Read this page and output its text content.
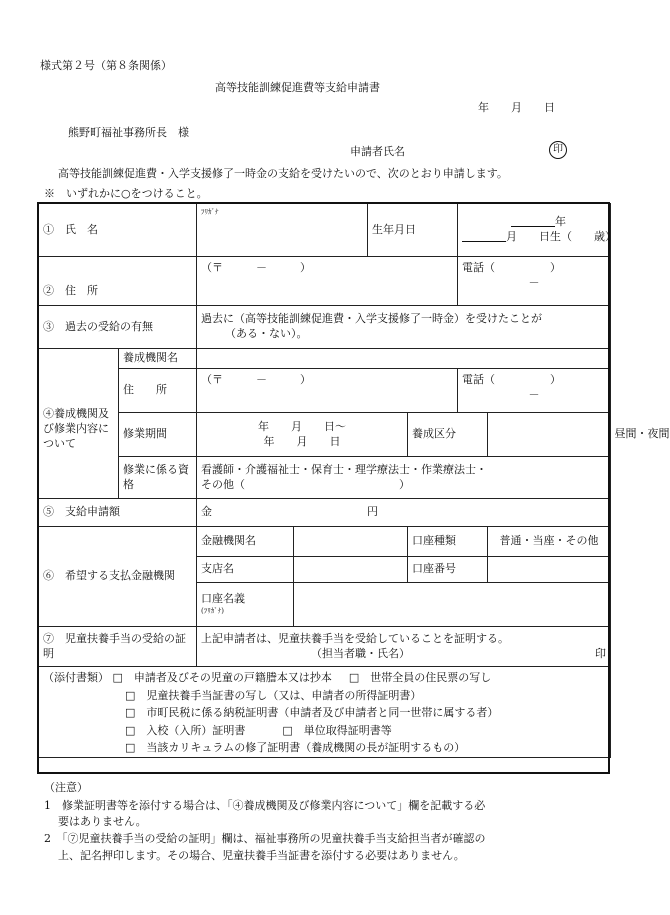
様式第２号（第８条関係）
高等技能訓練促進費等支給申請書
年　　月　　日
熊野町福祉事務所長　様
申請者氏名	印
高等技能訓練促進費・入学支援修了一時金の支給を受けたいので、次のとおり申請します。
※　いずれかに○をつけること。
①　氏　名		ﾌﾘｶﾞﾅ		生年月日	
　　　　	年
　　　　月　　日生（　　歳）		

②　住　所		（〒　　　－　　　）				電話（　　　　　）
－		

③　過去の受給の有無		過去に（高等技能訓練促進費・入学支援修了一時金）を受けたことが
（ある・ない）。						

④養成機関及び修業内容について	養成機関名							
	住　　所	（〒　　　－　　　）				電話（　　　　　）
－		

	修業期間	年　　月　　日～
年　　月　　日			養成区分			昼間・夜間
	修業に係る資格	看護師・介護福祉士・保育士・理学療法士・作業療法士・
その他（　　　　　　　　　　　　　　）						

⑤　支給申請額		金 円						
⑥　希望する支払金融機関		金融機関名			口座種類		普通・当座・その他	
		支店名			口座番号			

		口座名義
(ﾌﾘｶﾞﾅ)						

⑦　児童扶養手当の受給の証明		上記申請者は、児童扶養手当を受給していることを証明する。
（担当者職・氏名） 印						

（添付書類） □　申請者及びその児童の戸籍謄本又は抄本 □　世帯全員の住民票の写し
□　児童扶養手当証書の写し（又は、申請者の所得証明書）
□　市町民税に係る納税証明書（申請者及び申請者と同一世帯に属する者）
□　入校（入所）証明書 □　単位取得証明書等
□　当該カリキュラムの修了証明書（養成機関の長が証明するもの）								
（注意）
1　修業証明書等を添付する場合は、「④養成機関及び修業内容について」欄を記載する必
要はありません。
2　「⑦児童扶養手当の受給の証明」欄は、福祉事務所の児童扶養手当支給担当者が確認の
上、記名押印します。その場合、児童扶養手当証書を添付する必要はありません。
